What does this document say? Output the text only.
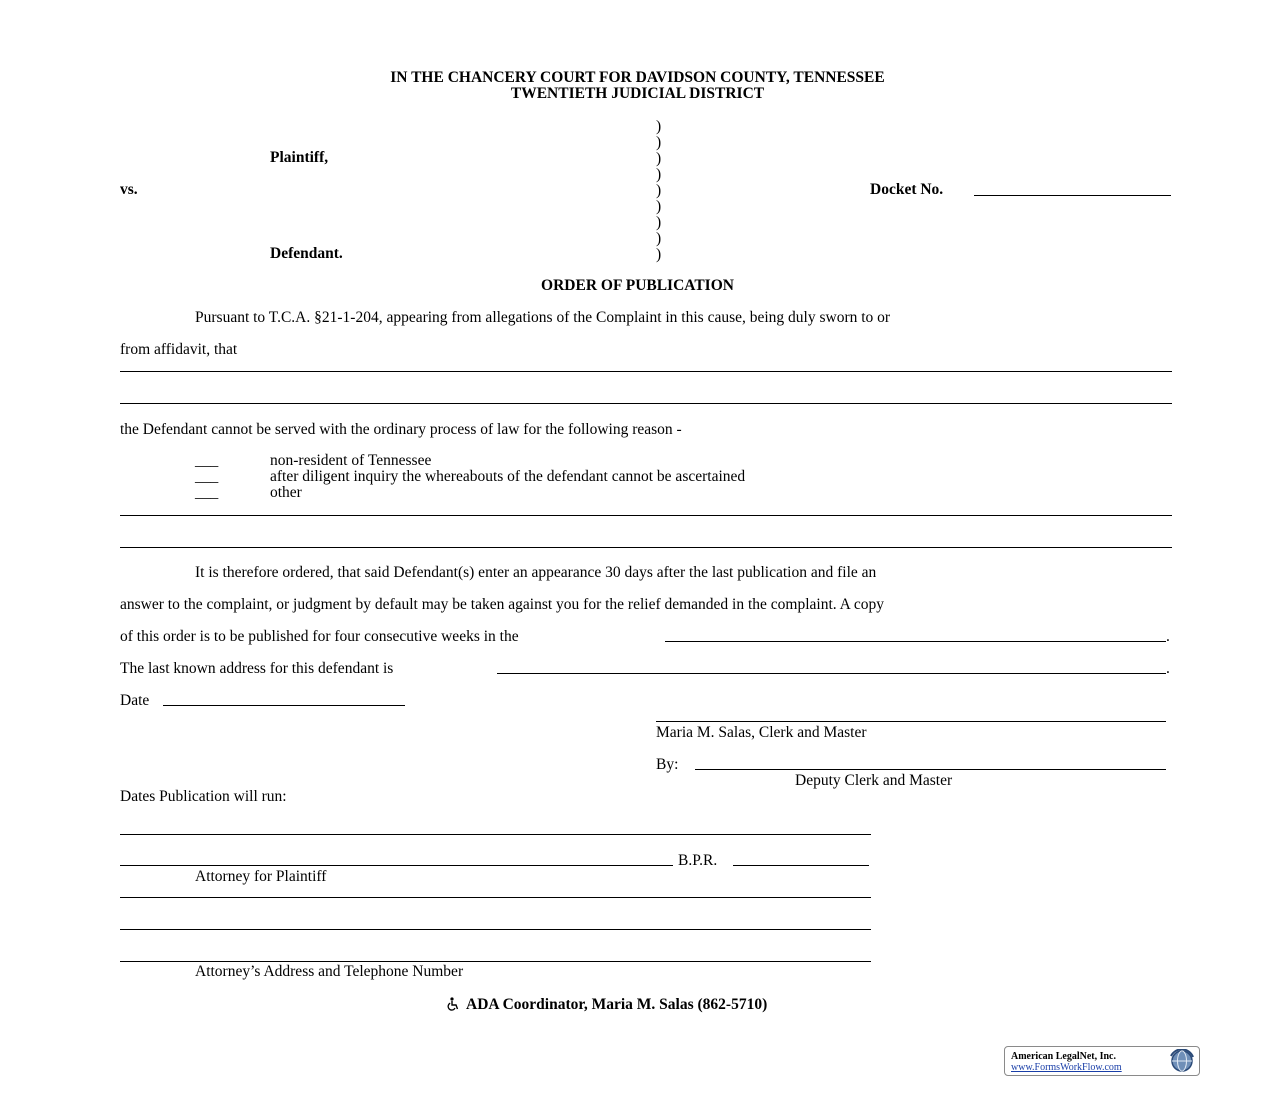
IN THE CHANCERY COURT FOR DAVIDSON COUNTY, TENNESSEE
TWENTIETH JUDICIAL DISTRICT
)
)
)
)
)
)
)
)
)
Plaintiff,
vs.	Docket No.
Defendant.
ORDER OF PUBLICATION
Pursuant to T.C.A. §21-1-204, appearing from allegations of the Complaint in this cause, being duly sworn to or
from affidavit, that
the Defendant cannot be served with the ordinary process of law for the following reason -
___	non-resident of Tennessee
___	after diligent inquiry the whereabouts of the defendant cannot be ascertained
___	other
It is therefore ordered, that said Defendant(s) enter an appearance 30 days after the last publication and file an
answer to the complaint, or judgment by default may be taken against you for the relief demanded in the complaint. A copy
of this order is to be published for four consecutive weeks in the	.
The last known address for this defendant is	.
Date
Maria M. Salas, Clerk and Master
By:
Deputy Clerk and Master
Dates Publication will run:
B.P.R.
Attorney for Plaintiff
Attorney’s Address and Telephone Number
ADA Coordinator, Maria M. Salas (862-5710)
American LegalNet, Inc.
www.FormsWorkFlow.com
